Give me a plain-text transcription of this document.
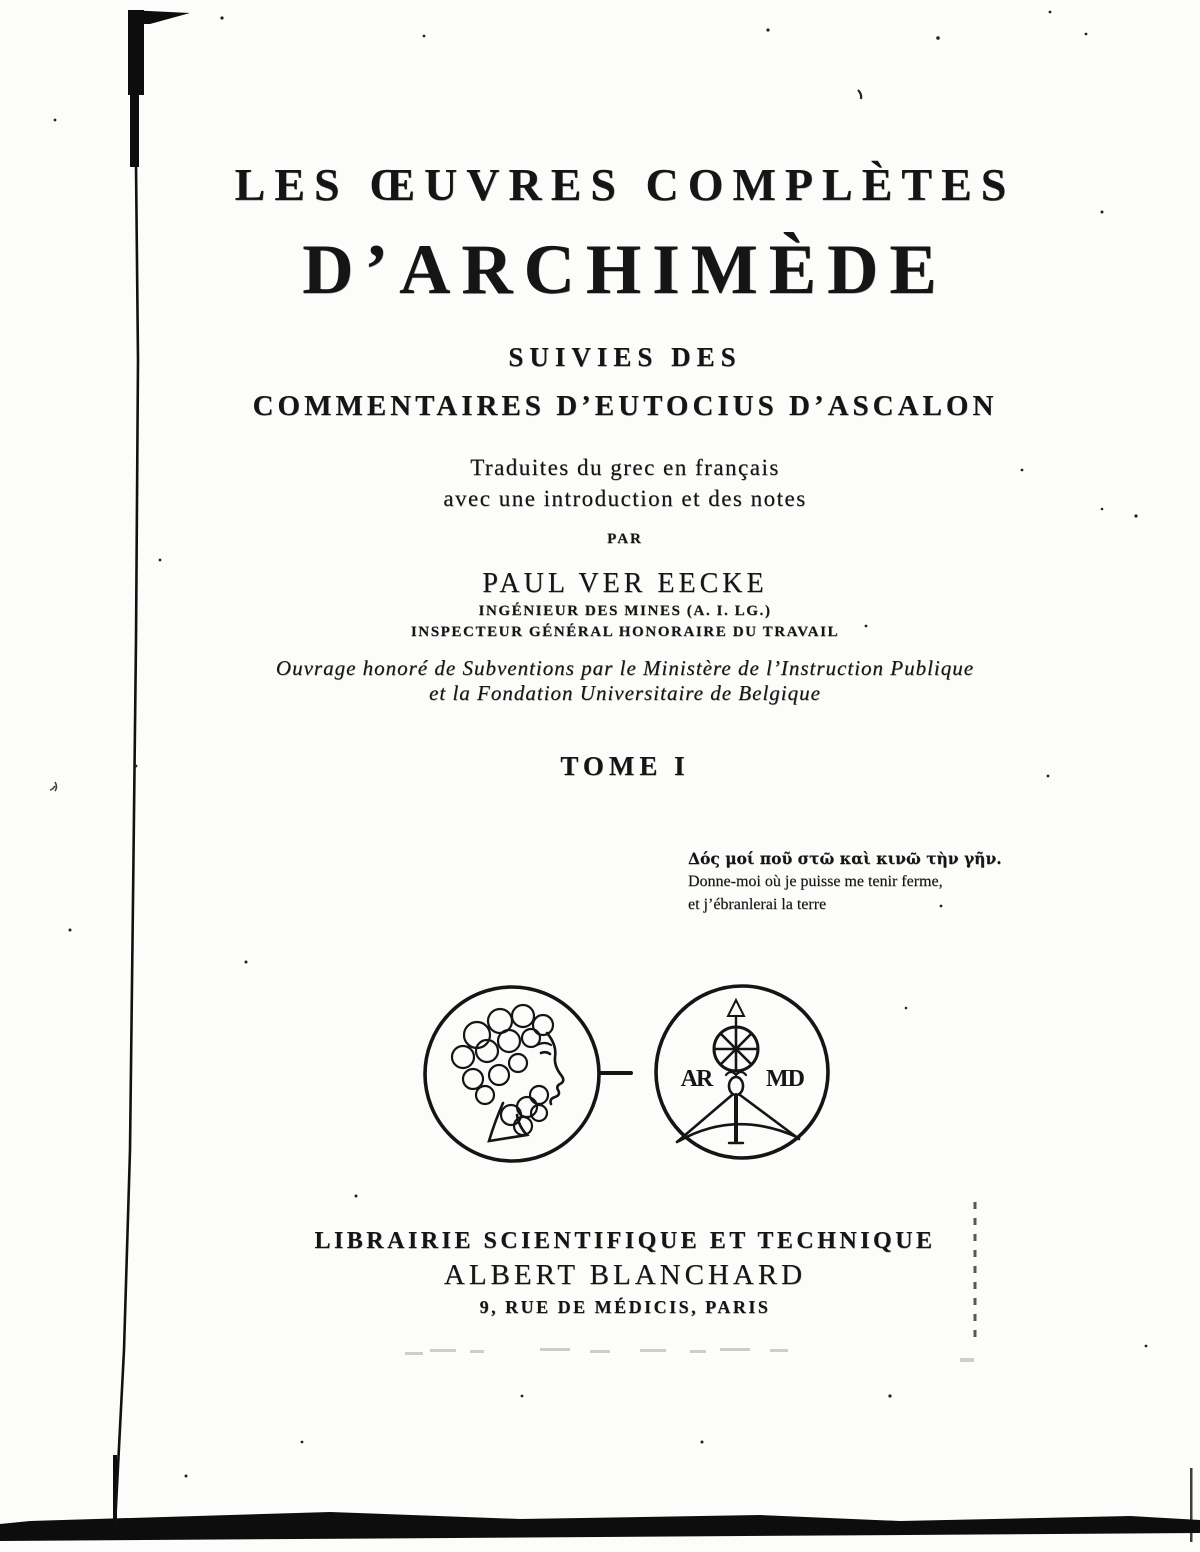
LES ŒUVRES COMPLÈTES
D’ARCHIMÈDE
SUIVIES DES
COMMENTAIRES D’EUTOCIUS D’ASCALON
Traduites du grec en français
avec une introduction et des notes
PAR
PAUL VER EECKE
INGÉNIEUR DES MINES (A. I. LG.)
INSPECTEUR GÉNÉRAL HONORAIRE DU TRAVAIL
Ouvrage honoré de Subventions par le Ministère de l’Instruction Publique
et la Fondation Universitaire de Belgique
TOME I
Δός μοί ποῦ στῶ καὶ κινῶ τὴν γῆν.
Donne-moi où je puisse me tenir ferme,
et j’ébranlerai la terre
AR MD
LIBRAIRIE SCIENTIFIQUE ET TECHNIQUE
ALBERT BLANCHARD
9, RUE DE MÉDICIS, PARIS
